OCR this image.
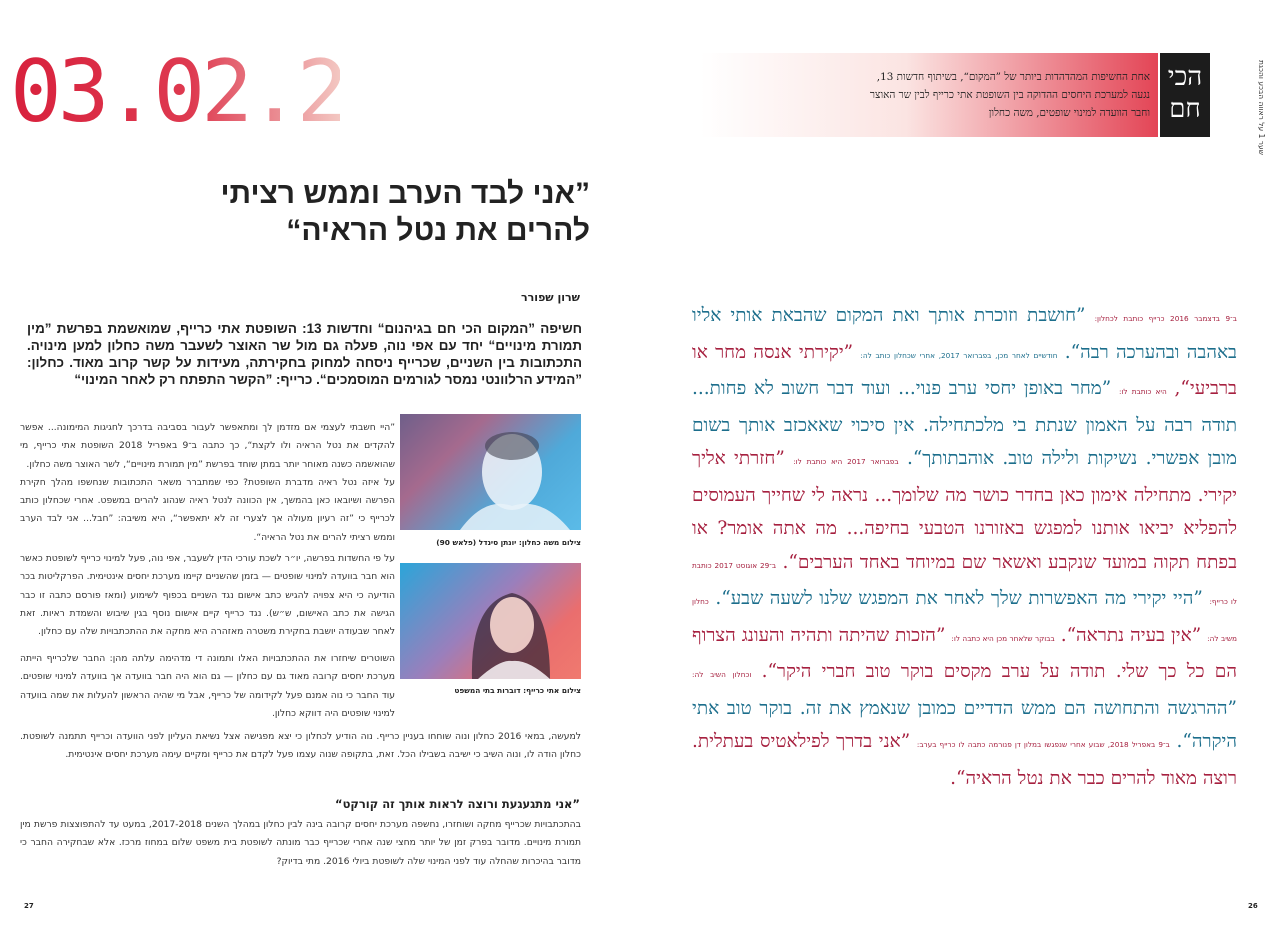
03.02.20
”אני לבד הערב וממש רציתי
להרים את נטל הראיה“
שרון שפורר
חשיפה ”המקום הכי חם בגיהנום“ וחדשות 13: השופטת אתי כרייף, שמואשמת בפרשת ”מין תמורת מינויים“ יחד עם אפי נוה, פעלה גם מול שר האוצר לשעבר משה כחלון למען מינויה. התכתובות בין השניים, שכרייף ניסחה למחוק בחקירתה, מעידות על קשר קרוב מאוד. כחלון: ”המידע הרלוונטי נמסר לגורמים המוסמכים“. כרייף: ”הקשר התפתח רק לאחר המינוי“
צילום משה כחלון: יונתן סינדל (פלאש 90)
צילום אתי כרייף: דוברות בתי המשפט
”היי חשבתי לעצמי אם מזדמן לך ומתאפשר לעבור בסביבה בדרכך לחגיגות המימונה... אפשר להקדים את נטל הראיה ולו לקצת“, כך כתבה ב־9 באפריל 2018 השופטת אתי כרייף, מי שהואשמה כשנה מאוחר יותר במתן שוחד בפרשת ”מין תמורת מינויים“, לשר האוצר משה כחלון.
על איזה נטל ראיה מדברת השופטת? כפי שמתברר משאר התכתובות שנחשפו מהלך חקירת הפרשה ושיובאו כאן בהמשך, אין הכוונה לנטל ראיה שנהוג להרים במשפט. אחרי שכחלון כותב לכרייף כי ”זה רעיון מעולה אך לצערי זה לא יתאפשר“, היא משיבה: ”חבל... אני לבד הערב וממש רציתי להרים את נטל הראיה“.
על פי החשדות בפרשה, יו״ר לשכת עורכי הדין לשעבר, אפי נוה, פעל למינוי כרייף לשופטת כאשר הוא חבר בוועדה למינוי שופטים — בזמן שהשניים קיימו מערכת יחסים אינטימית. הפרקליטות בכר הודיעה כי היא צפויה להגיש כתב אישום נגד השניים בכפוף לשימוע (ומאז פורסם כתבה זו כבר הגישה את כתב האישום, ש״ש). נגד כרייף קיים אישום נוסף בגין שיבוש והשמדת ראיות. זאת לאחר שבעודה יושבת בחקירת משטרה מאזהרה היא מחקה את ההתכתבויות שלה עם כחלון.
השוטרים שיחזרו את ההתכתבויות האלו ותמונה די מדהימה עלתה מהן: החבר שלכרייף הייתה מערכת יחסים קרובה מאוד גם עם כחלון — גם הוא היה חבר בוועדה אך בוועדה למינוי שופטים. עוד החבר כי נוה אמנם פעל לקידומה של כרייף, אבל מי שהיה הראשון להעלות את שמה בוועדה למינוי שופטים היה דווקא כחלון.
למעשה, במאי 2016 כחלון ונוה שוחחו בעניין כרייף. נוה הודיע לכחלון כי יצא מפגישה אצל נשיאת העליון לפני הוועדה וכרייף תתמנה לשופטת. כחלון הודה לו, ונוה השיב כי ישיבה בשבילו הכל. זאת, בתקופה שנוה עצמו פעל לקדם את כרייף ומקיים עימה מערכת יחסים אינטימית.
”אני מתגעגעת ורוצה לראות אותך זה קורקט“
בהתכתבויות שכרייף מחקה ושוחזרו, נחשפה מערכת יחסים קרובה בינה לבין כחלון במהלך השנים 2017-2018, במעט עד להתפוצצות פרשת מין תמורת מינויים. מדובר בפרק זמן של יותר מחצי שנה אחרי שכרייף כבר מונתה לשופטת בית משפט שלום במחוז מרכז. אלא שבחקירה החבר כי מדובר בהיכרות שהחלה עוד לפני המינוי שלה לשופטת ביולי 2016. מתי בדיוק?
27
אחת החשיפות המהדהדות ביותר של ”המקום“, בשיתוף חדשות 13,
נגעה למערכת היחסים ההדוקה בין השופטת אתי כרייף לבין שר האוצר
וחבר הוועדה למינוי שופטים, משה כחלון
הכי
חם	שער 1 על ראווה הבכע והכגת
ב־9 בדצמבר 2016 כרייף כותבת לכחלון: ”חושבת וזוכרת אותך ואת המקום שהבאת אותי אליו באהבה ובהערכה רבה“. חודשיים לאחר מכן, בפברואר 2017, אחרי שכחלון כותב לה: ”יקירתי אנסה מחר או ברביעי“, היא כותבת לו: ”מחר באופן יחסי ערב פנוי... ועוד דבר חשוב לא פחות... תודה רבה על האמון שנתת בי מלכתחילה. אין סיכוי שאאכזב אותך בשום מובן אפשרי. נשיקות ולילה טוב. אוהבתותך“. בפברואר 2017 היא כותבת לו: ”חזרתי אליך יקירי. מתחילה אימון כאן בחדר כושר מה שלומך... נראה לי שחייך העמוסים להפליא יביאו אותנו למפגש באזורנו הטבעי בחיפה... מה אתה אומר? או בפתח תקוה במועד שנקבע ואשאר שם במיוחד באחד הערבים“. ב־29 אוגוסט 2017 כותבת לו כרייף: ”היי יקירי מה האפשרות שלך לאחר את המפגש שלנו לשעה שבע“. כחלון משיב לה: ”אין בעיה נתראה“. בבוקר שלאחר מכן היא כתבה לו: ”הזכות שהיתה ותהיה והעונג הצרוף הם כל כך שלי. תודה על ערב מקסים בוקר טוב חברי היקר“. וכחלון השיב לה: ”ההרגשה והתחושה הם ממש הדדיים כמובן שנאמץ את זה. בוקר טוב אתי היקרה“. ב־9 באפריל 2018, שבוע אחרי שנפגשו במלון דן פנורמה כתבה לו כרייף בערב: ”אני בדרך לפילאטיס בעתלית. רוצה מאוד להרים כבר את נטל הראיה“.
26
